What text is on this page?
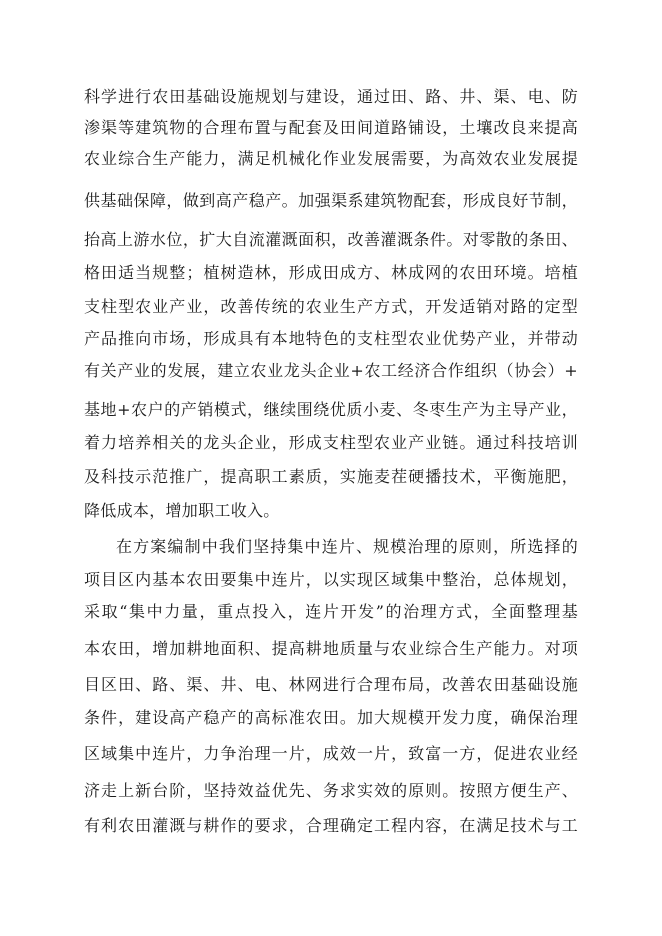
科学进行农田基础设施规划与建设，通过田、路、井、渠、电、防
渗渠等建筑物的合理布置与配套及田间道路铺设，土壤改良来提高
农业综合生产能力，满足机械化作业发展需要，为高效农业发展提
供基础保障，做到高产稳产。加强渠系建筑物配套，形成良好节制，
抬高上游水位，扩大自流灌溉面积，改善灌溉条件。对零散的条田、
格田适当规整；植树造林，形成田成方、林成网的农田环境。培植
支柱型农业产业，改善传统的农业生产方式，开发适销对路的定型
产品推向市场，形成具有本地特色的支柱型农业优势产业，并带动
有关产业的发展，建立农业龙头企业+农工经济合作组织（协会）+
基地+农户的产销模式，继续围绕优质小麦、冬枣生产为主导产业，
着力培养相关的龙头企业，形成支柱型农业产业链。通过科技培训
及科技示范推广，提高职工素质，实施麦茬硬播技术，平衡施肥，
降低成本，增加职工收入。
在方案编制中我们坚持集中连片、规模治理的原则，所选择的
项目区内基本农田要集中连片，以实现区域集中整治，总体规划，
采取“集中力量，重点投入，连片开发”的治理方式，全面整理基
本农田，增加耕地面积、提高耕地质量与农业综合生产能力。对项
目区田、路、渠、井、电、林网进行合理布局，改善农田基础设施
条件，建设高产稳产的高标准农田。加大规模开发力度，确保治理
区域集中连片，力争治理一片，成效一片，致富一方，促进农业经
济走上新台阶，坚持效益优先、务求实效的原则。按照方便生产、
有利农田灌溉与耕作的要求，合理确定工程内容，在满足技术与工
